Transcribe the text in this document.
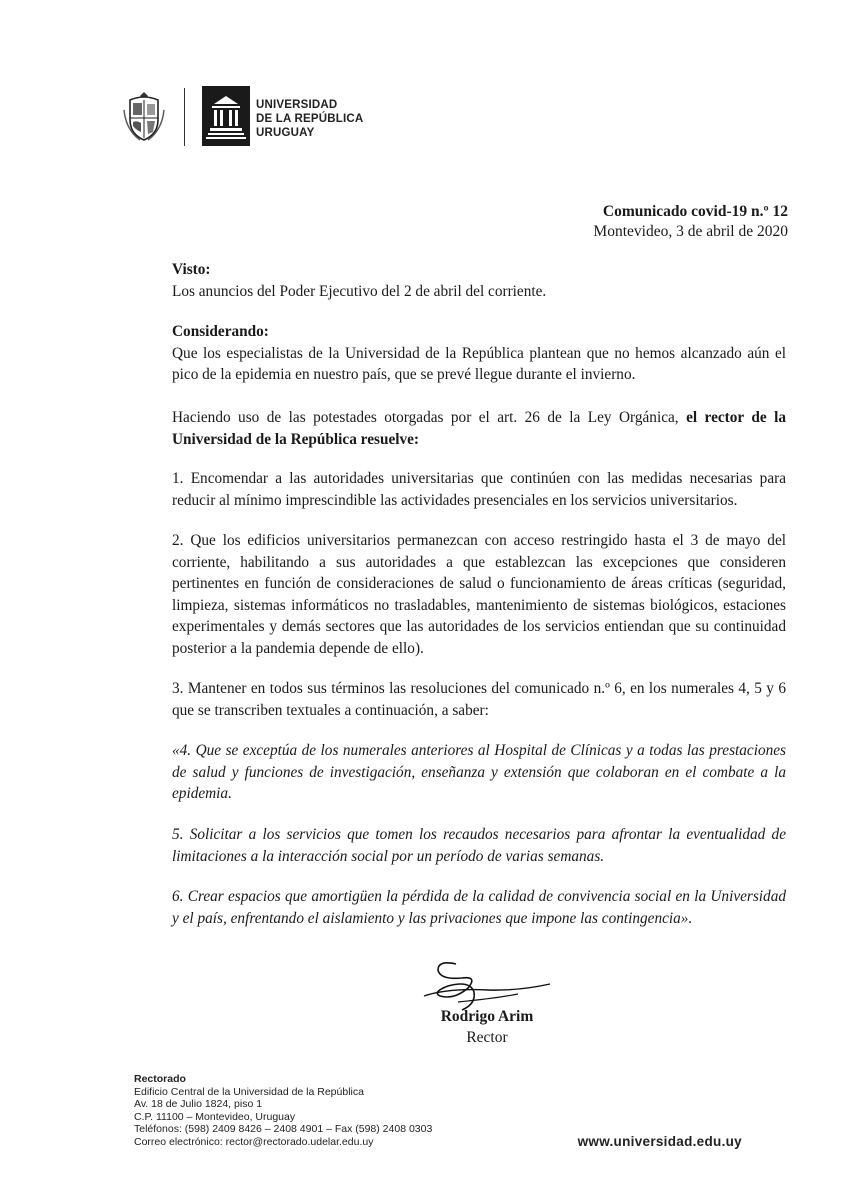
UNIVERSIDAD
DE LA REPÚBLICA
URUGUAY
Comunicado covid-19 n.º 12
Montevideo, 3 de abril de 2020
Visto:
Los anuncios del Poder Ejecutivo del 2 de abril del corriente.
Considerando:
Que los especialistas de la Universidad de la República plantean que no hemos alcanzado aún el pico de la epidemia en nuestro país, que se prevé llegue durante el invierno.
Haciendo uso de las potestades otorgadas por el art. 26 de la Ley Orgánica, el rector de la Universidad de la República resuelve:
1. Encomendar a las autoridades universitarias que continúen con las medidas necesarias para reducir al mínimo imprescindible las actividades presenciales en los servicios universitarios.
2. Que los edificios universitarios permanezcan con acceso restringido hasta el 3 de mayo del corriente, habilitando a sus autoridades a que establezcan las excepciones que consideren pertinentes en función de consideraciones de salud o funcionamiento de áreas críticas (seguridad, limpieza, sistemas informáticos no trasladables, mantenimiento de sistemas biológicos, estaciones experimentales y demás sectores que las autoridades de los servicios entiendan que su continuidad posterior a la pandemia depende de ello).
3. Mantener en todos sus términos las resoluciones del comunicado n.º 6, en los numerales 4, 5 y 6 que se transcriben textuales a continuación, a saber:
«4. Que se exceptúa de los numerales anteriores al Hospital de Clínicas y a todas las prestaciones de salud y funciones de investigación, enseñanza y extensión que colaboran en el combate a la epidemia.
5. Solicitar a los servicios que tomen los recaudos necesarios para afrontar la eventualidad de limitaciones a la interacción social por un período de varias semanas.
6. Crear espacios que amortigüen la pérdida de la calidad de convivencia social en la Universidad y el país, enfrentando el aislamiento y las privaciones que impone las contingencia».
Rodrigo Arim
Rector
Rectorado
Edificio Central de la Universidad de la República
Av. 18 de Julio 1824, piso 1
C.P. 11100 – Montevideo, Uruguay
Teléfonos: (598) 2409 8426 – 2408 4901 – Fax (598) 2408 0303
Correo electrónico: rector@rectorado.udelar.edu.uy	www.universidad.edu.uy
